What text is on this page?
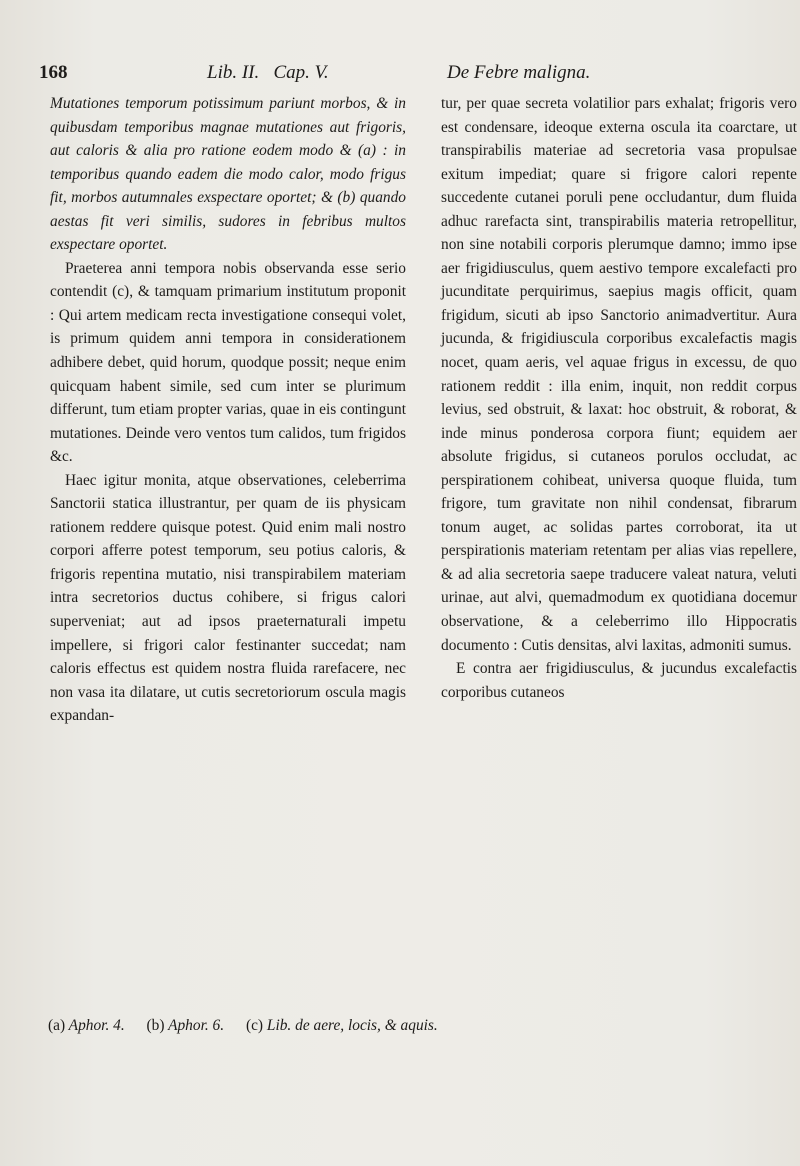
168	Lib. II.   Cap. V.	De Febre maligna.

Mutationes temporum potissimum pariunt morbos, & in quibusdam temporibus magnae mutationes aut frigoris, aut caloris & alia pro ratione eodem modo & (a) : in temporibus quando eadem die modo calor, modo frigus fit, morbos autumnales exspectare oportet; & (b) quando aestas fit veri similis, sudores in febribus multos exspectare oportet.

Praeterea anni tempora nobis observanda esse serio contendit (c), & tamquam primarium institutum proponit : Qui artem medicam recta investigatione consequi volet, is primum quidem anni tempora in considerationem adhibere debet, quid horum, quodque possit; neque enim quicquam habent simile, sed cum inter se plurimum differunt, tum etiam propter varias, quae in eis contingunt mutationes. Deinde vero ventos tum calidos, tum frigidos &c.

Haec igitur monita, atque observationes, celeberrima Sanctorii statica illustrantur, per quam de iis physicam rationem reddere quisque potest. Quid enim mali nostro corpori afferre potest temporum, seu potius caloris, & frigoris repentina mutatio, nisi transpirabilem materiam intra secretorios ductus cohibere, si frigus calori superveniat; aut ad ipsos praeternaturali impetu impellere, si frigori calor festinanter succedat; nam caloris effectus est quidem nostra fluida rarefacere, nec non vasa ita dilatare, ut cutis secretoriorum oscula magis expandan-

tur, per quae secreta volatilior pars exhalat; frigoris vero est condensare, ideoque externa oscula ita coarctare, ut transpirabilis materiae ad secretoria vasa propulsae exitum impediat; quare si frigore calori repente succedente cutanei poruli pene occludantur, dum fluida adhuc rarefacta sint, transpirabilis materia retropellitur, non sine notabili corporis plerumque damno; immo ipse aer frigidiusculus, quem aestivo tempore excalefacti pro jucunditate perquirimus, saepius magis officit, quam frigidum, sicuti ab ipso Sanctorio animadvertitur. Aura jucunda, & frigidiuscula corporibus excalefactis magis nocet, quam aeris, vel aquae frigus in excessu, de quo rationem reddit : illa enim, inquit, non reddit corpus levius, sed obstruit, & laxat: hoc obstruit, & roborat, & inde minus ponderosa corpora fiunt; equidem aer absolute frigidus, si cutaneos porulos occludat, ac perspirationem cohibeat, universa quoque fluida, tum frigore, tum gravitate non nihil condensat, fibrarum tonum auget, ac solidas partes corroborat, ita ut perspirationis materiam retentam per alias vias repellere, & ad alia secretoria saepe traducere valeat natura, veluti urinae, aut alvi, quemadmodum ex quotidiana docemur observatione, & a celeberrimo illo Hippocratis documento : Cutis densitas, alvi laxitas, admoniti sumus.

E contra aer frigidiusculus, & jucundus excalefactis corporibus cutaneos

(a) Aphor. 4. (b) Aphor. 6. (c) Lib. de aere, locis, & aquis.
